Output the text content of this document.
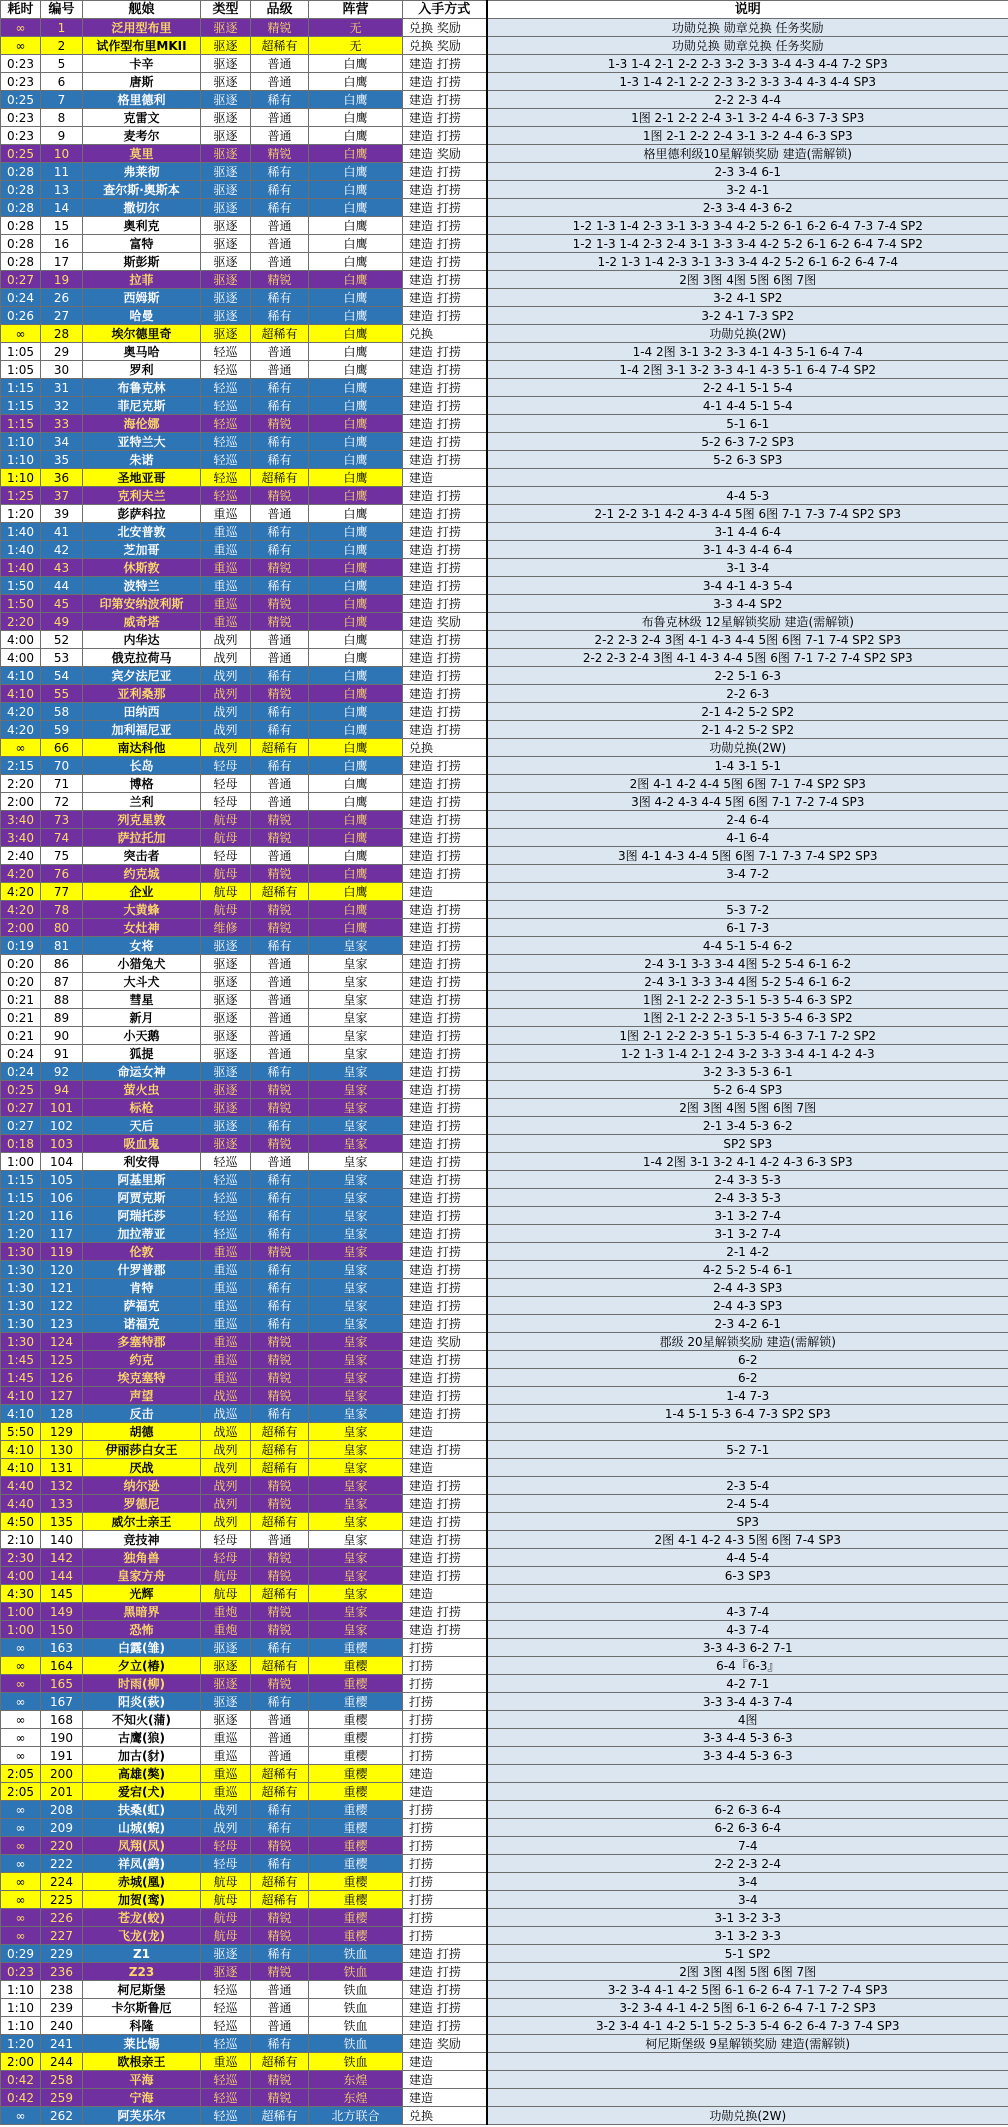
耗时	编号	舰娘	类型	品级	阵营	入手方式	说明
∞	1	泛用型布里	驱逐	精锐	无	兑换 奖励	功勋兑换 勋章兑换 任务奖励
∞	2	试作型布里MKII	驱逐	超稀有	无	兑换 奖励	功勋兑换 勋章兑换 任务奖励
0:23	5	卡辛	驱逐	普通	白鹰	建造 打捞	1-3 1-4 2-1 2-2 2-3 3-2 3-3 3-4 4-3 4-4 7-2 SP3
0:23	6	唐斯	驱逐	普通	白鹰	建造 打捞	1-3 1-4 2-1 2-2 2-3 3-2 3-3 3-4 4-3 4-4 SP3
0:25	7	格里德利	驱逐	稀有	白鹰	建造 打捞	2-2 2-3 4-4
0:23	8	克雷文	驱逐	普通	白鹰	建造 打捞	1图 2-1 2-2 2-4 3-1 3-2 4-4 6-3 7-3 SP3
0:23	9	麦考尔	驱逐	普通	白鹰	建造 打捞	1图 2-1 2-2 2-4 3-1 3-2 4-4 6-3 SP3
0:25	10	莫里	驱逐	精锐	白鹰	建造 奖励	格里德利级10星解锁奖励 建造(需解锁)
0:28	11	弗莱彻	驱逐	稀有	白鹰	建造 打捞	2-3 3-4 6-1
0:28	13	查尔斯·奥斯本	驱逐	稀有	白鹰	建造 打捞	3-2 4-1
0:28	14	撒切尔	驱逐	稀有	白鹰	建造 打捞	2-3 3-4 4-3 6-2
0:28	15	奥利克	驱逐	普通	白鹰	建造 打捞	1-2 1-3 1-4 2-3 3-1 3-3 3-4 4-2 5-2 6-1 6-2 6-4 7-3 7-4 SP2
0:28	16	富特	驱逐	普通	白鹰	建造 打捞	1-2 1-3 1-4 2-3 2-4 3-1 3-3 3-4 4-2 5-2 6-1 6-2 6-4 7-4 SP2
0:28	17	斯彭斯	驱逐	普通	白鹰	建造 打捞	1-2 1-3 1-4 2-3 3-1 3-3 3-4 4-2 5-2 6-1 6-2 6-4 7-4
0:27	19	拉菲	驱逐	精锐	白鹰	建造 打捞	2图 3图 4图 5图 6图 7图
0:24	26	西姆斯	驱逐	稀有	白鹰	建造 打捞	3-2 4-1 SP2
0:26	27	哈曼	驱逐	稀有	白鹰	建造 打捞	3-2 4-1 7-3 SP2
∞	28	埃尔德里奇	驱逐	超稀有	白鹰	兑换	功勋兑换(2W)
1:05	29	奥马哈	轻巡	普通	白鹰	建造 打捞	1-4 2图 3-1 3-2 3-3 4-1 4-3 5-1 6-4 7-4
1:05	30	罗利	轻巡	普通	白鹰	建造 打捞	1-4 2图 3-1 3-2 3-3 4-1 4-3 5-1 6-4 7-4 SP2
1:15	31	布鲁克林	轻巡	稀有	白鹰	建造 打捞	2-2 4-1 5-1 5-4
1:15	32	菲尼克斯	轻巡	稀有	白鹰	建造 打捞	4-1 4-4 5-1 5-4
1:15	33	海伦娜	轻巡	精锐	白鹰	建造 打捞	5-1 6-1
1:10	34	亚特兰大	轻巡	稀有	白鹰	建造 打捞	5-2 6-3 7-2 SP3
1:10	35	朱诺	轻巡	稀有	白鹰	建造 打捞	5-2 6-3 SP3
1:10	36	圣地亚哥	轻巡	超稀有	白鹰	建造	
1:25	37	克利夫兰	轻巡	精锐	白鹰	建造 打捞	4-4 5-3
1:20	39	彭萨科拉	重巡	普通	白鹰	建造 打捞	2-1 2-2 3-1 4-2 4-3 4-4 5图 6图 7-1 7-3 7-4 SP2 SP3
1:40	41	北安普敦	重巡	稀有	白鹰	建造 打捞	3-1 4-4 6-4
1:40	42	芝加哥	重巡	稀有	白鹰	建造 打捞	3-1 4-3 4-4 6-4
1:40	43	休斯敦	重巡	精锐	白鹰	建造 打捞	3-1 3-4
1:50	44	波特兰	重巡	稀有	白鹰	建造 打捞	3-4 4-1 4-3 5-4
1:50	45	印第安纳波利斯	重巡	精锐	白鹰	建造 打捞	3-3 4-4 SP2
2:20	49	威奇塔	重巡	精锐	白鹰	建造 奖励	布鲁克林级 12星解锁奖励 建造(需解锁)
4:00	52	内华达	战列	普通	白鹰	建造 打捞	2-2 2-3 2-4 3图 4-1 4-3 4-4 5图 6图 7-1 7-4 SP2 SP3
4:00	53	俄克拉荷马	战列	普通	白鹰	建造 打捞	2-2 2-3 2-4 3图 4-1 4-3 4-4 5图 6图 7-1 7-2 7-4 SP2 SP3
4:10	54	宾夕法尼亚	战列	稀有	白鹰	建造 打捞	2-2 5-1 6-3
4:10	55	亚利桑那	战列	精锐	白鹰	建造 打捞	2-2 6-3
4:20	58	田纳西	战列	稀有	白鹰	建造 打捞	2-1 4-2 5-2 SP2
4:20	59	加利福尼亚	战列	稀有	白鹰	建造 打捞	2-1 4-2 5-2 SP2
∞	66	南达科他	战列	超稀有	白鹰	兑换	功勋兑换(2W)
2:15	70	长岛	轻母	稀有	白鹰	建造 打捞	1-4 3-1 5-1
2:20	71	博格	轻母	普通	白鹰	建造 打捞	2图 4-1 4-2 4-4 5图 6图 7-1 7-4 SP2 SP3
2:00	72	兰利	轻母	普通	白鹰	建造 打捞	3图 4-2 4-3 4-4 5图 6图 7-1 7-2 7-4 SP3
3:40	73	列克星敦	航母	精锐	白鹰	建造 打捞	2-4 6-4
3:40	74	萨拉托加	航母	精锐	白鹰	建造 打捞	4-1 6-4
2:40	75	突击者	轻母	普通	白鹰	建造 打捞	3图 4-1 4-3 4-4 5图 6图 7-1 7-3 7-4 SP2 SP3
4:20	76	约克城	航母	精锐	白鹰	建造 打捞	3-4 7-2
4:20	77	企业	航母	超稀有	白鹰	建造	
4:20	78	大黄蜂	航母	精锐	白鹰	建造 打捞	5-3 7-2
2:00	80	女灶神	维修	精锐	白鹰	建造 打捞	6-1 7-3
0:19	81	女将	驱逐	稀有	皇家	建造 打捞	4-4 5-1 5-4 6-2
0:20	86	小猎兔犬	驱逐	普通	皇家	建造 打捞	2-4 3-1 3-3 3-4 4图 5-2 5-4 6-1 6-2
0:20	87	大斗犬	驱逐	普通	皇家	建造 打捞	2-4 3-1 3-3 3-4 4图 5-2 5-4 6-1 6-2
0:21	88	彗星	驱逐	普通	皇家	建造 打捞	1图 2-1 2-2 2-3 5-1 5-3 5-4 6-3 SP2
0:21	89	新月	驱逐	普通	皇家	建造 打捞	1图 2-1 2-2 2-3 5-1 5-3 5-4 6-3 SP2
0:21	90	小天鹅	驱逐	普通	皇家	建造 打捞	1图 2-1 2-2 2-3 5-1 5-3 5-4 6-3 7-1 7-2 SP2
0:24	91	狐提	驱逐	普通	皇家	建造 打捞	1-2 1-3 1-4 2-1 2-4 3-2 3-3 3-4 4-1 4-2 4-3
0:24	92	命运女神	驱逐	稀有	皇家	建造 打捞	3-2 3-3 5-3 6-1
0:25	94	萤火虫	驱逐	精锐	皇家	建造 打捞	5-2 6-4 SP3
0:27	101	标枪	驱逐	精锐	皇家	建造 打捞	2图 3图 4图 5图 6图 7图
0:27	102	天后	驱逐	稀有	皇家	建造 打捞	2-1 3-4 5-3 6-2
0:18	103	吸血鬼	驱逐	精锐	皇家	建造 打捞	SP2 SP3
1:00	104	利安得	轻巡	普通	皇家	建造 打捞	1-4 2图 3-1 3-2 4-1 4-2 4-3 6-3 SP3
1:15	105	阿基里斯	轻巡	稀有	皇家	建造 打捞	2-4 3-3 5-3
1:15	106	阿贾克斯	轻巡	稀有	皇家	建造 打捞	2-4 3-3 5-3
1:20	116	阿瑞托莎	轻巡	稀有	皇家	建造 打捞	3-1 3-2 7-4
1:20	117	加拉蒂亚	轻巡	稀有	皇家	建造 打捞	3-1 3-2 7-4
1:30	119	伦敦	重巡	精锐	皇家	建造 打捞	2-1 4-2
1:30	120	什罗普郡	重巡	稀有	皇家	建造 打捞	4-2 5-2 5-4 6-1
1:30	121	肯特	重巡	稀有	皇家	建造 打捞	2-4 4-3 SP3
1:30	122	萨福克	重巡	稀有	皇家	建造 打捞	2-4 4-3 SP3
1:30	123	诺福克	重巡	稀有	皇家	建造 打捞	2-3 4-2 6-1
1:30	124	多塞特郡	重巡	精锐	皇家	建造 奖励	郡级 20星解锁奖励 建造(需解锁)
1:45	125	约克	重巡	精锐	皇家	建造 打捞	6-2
1:45	126	埃克塞特	重巡	精锐	皇家	建造 打捞	6-2
4:10	127	声望	战巡	精锐	皇家	建造 打捞	1-4 7-3
4:10	128	反击	战巡	稀有	皇家	建造 打捞	1-4 5-1 5-3 6-4 7-3 SP2 SP3
5:50	129	胡德	战巡	超稀有	皇家	建造	
4:10	130	伊丽莎白女王	战列	超稀有	皇家	建造 打捞	5-2 7-1
4:10	131	厌战	战列	超稀有	皇家	建造	
4:40	132	纳尔逊	战列	精锐	皇家	建造 打捞	2-3 5-4
4:40	133	罗德尼	战列	精锐	皇家	建造 打捞	2-4 5-4
4:50	135	威尔士亲王	战列	超稀有	皇家	建造 打捞	SP3
2:10	140	竞技神	轻母	普通	皇家	建造 打捞	2图 4-1 4-2 4-3 5图 6图 7-4 SP3
2:30	142	独角兽	轻母	精锐	皇家	建造 打捞	4-4 5-4
4:00	144	皇家方舟	航母	精锐	皇家	建造 打捞	6-3 SP3
4:30	145	光辉	航母	超稀有	皇家	建造	
1:00	149	黑暗界	重炮	精锐	皇家	建造 打捞	4-3 7-4
1:00	150	恐怖	重炮	精锐	皇家	建造 打捞	4-3 7-4
∞	163	白露(雏)	驱逐	稀有	重樱	打捞	3-3 4-3 6-2 7-1
∞	164	夕立(椿)	驱逐	超稀有	重樱	打捞	6-4『6-3』
∞	165	时雨(柳)	驱逐	精锐	重樱	打捞	4-2 7-1
∞	167	阳炎(萩)	驱逐	稀有	重樱	打捞	3-3 3-4 4-3 7-4
∞	168	不知火(蒲)	驱逐	普通	重樱	打捞	4图
∞	190	古鹰(狼)	重巡	普通	重樱	打捞	3-3 4-4 5-3 6-3
∞	191	加古(豺)	重巡	普通	重樱	打捞	3-3 4-4 5-3 6-3
2:05	200	高雄(獒)	重巡	超稀有	重樱	建造	
2:05	201	爱宕(犬)	重巡	超稀有	重樱	建造	
∞	208	扶桑(虹)	战列	稀有	重樱	打捞	6-2 6-3 6-4
∞	209	山城(蜺)	战列	稀有	重樱	打捞	6-2 6-3 6-4
∞	220	凤翔(凤)	轻母	精锐	重樱	打捞	7-4
∞	222	祥凤(鹞)	轻母	稀有	重樱	打捞	2-2 2-3 2-4
∞	224	赤城(凰)	航母	超稀有	重樱	打捞	3-4
∞	225	加贺(鸾)	航母	超稀有	重樱	打捞	3-4
∞	226	苍龙(蛟)	航母	精锐	重樱	打捞	3-1 3-2 3-3
∞	227	飞龙(龙)	航母	精锐	重樱	打捞	3-1 3-2 3-3
0:29	229	Z1	驱逐	稀有	铁血	建造 打捞	5-1 SP2
0:23	236	Z23	驱逐	精锐	铁血	建造 打捞	2图 3图 4图 5图 6图 7图
1:10	238	柯尼斯堡	轻巡	普通	铁血	建造 打捞	3-2 3-4 4-1 4-2 5图 6-1 6-2 6-4 7-1 7-2 7-4 SP3
1:10	239	卡尔斯鲁厄	轻巡	普通	铁血	建造 打捞	3-2 3-4 4-1 4-2 5图 6-1 6-2 6-4 7-1 7-2 SP3
1:10	240	科隆	轻巡	普通	铁血	建造 打捞	3-2 3-4 4-1 4-2 5-1 5-2 5-3 5-4 6-2 6-4 7-3 7-4 SP3
1:20	241	莱比锡	轻巡	稀有	铁血	建造 奖励	柯尼斯堡级 9星解锁奖励 建造(需解锁)
2:00	244	欧根亲王	重巡	超稀有	铁血	建造	
0:42	258	平海	轻巡	精锐	东煌	建造	
0:42	259	宁海	轻巡	精锐	东煌	建造	
∞	262	阿芙乐尔	轻巡	超稀有	北方联合	兑换	功勋兑换(2W)
